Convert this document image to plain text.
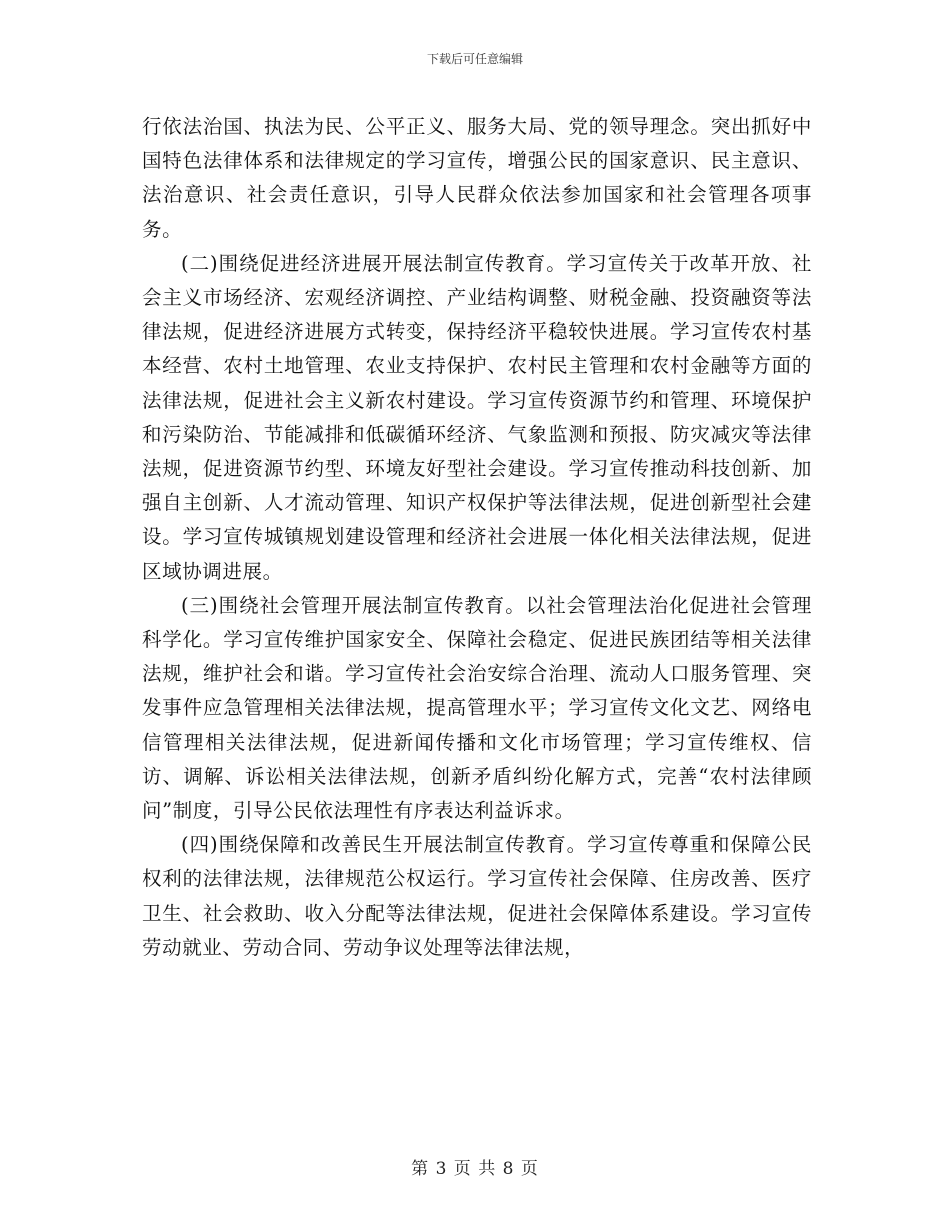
下载后可任意编辑

行依法治国、执法为民、公平正义、服务大局、党的领导理念。突出抓好中国特色法律体系和法律规定的学习宣传，增强公民的国家意识、民主意识、法治意识、社会责任意识，引导人民群众依法参加国家和社会管理各项事务。

(二)围绕促进经济进展开展法制宣传教育。学习宣传关于改革开放、社会主义市场经济、宏观经济调控、产业结构调整、财税金融、投资融资等法律法规，促进经济进展方式转变，保持经济平稳较快进展。学习宣传农村基本经营、农村土地管理、农业支持保护、农村民主管理和农村金融等方面的法律法规，促进社会主义新农村建设。学习宣传资源节约和管理、环境保护和污染防治、节能减排和低碳循环经济、气象监测和预报、防灾减灾等法律法规，促进资源节约型、环境友好型社会建设。学习宣传推动科技创新、加强自主创新、人才流动管理、知识产权保护等法律法规，促进创新型社会建设。学习宣传城镇规划建设管理和经济社会进展一体化相关法律法规，促进区域协调进展。

(三)围绕社会管理开展法制宣传教育。以社会管理法治化促进社会管理科学化。学习宣传维护国家安全、保障社会稳定、促进民族团结等相关法律法规，维护社会和谐。学习宣传社会治安综合治理、流动人口服务管理、突发事件应急管理相关法律法规，提高管理水平；学习宣传文化文艺、网络电信管理相关法律法规，促进新闻传播和文化市场管理；学习宣传维权、信访、调解、诉讼相关法律法规，创新矛盾纠纷化解方式，完善“农村法律顾问”制度，引导公民依法理性有序表达利益诉求。

(四)围绕保障和改善民生开展法制宣传教育。学习宣传尊重和保障公民权利的法律法规，法律规范公权运行。学习宣传社会保障、住房改善、医疗卫生、社会救助、收入分配等法律法规，促进社会保障体系建设。学习宣传劳动就业、劳动合同、劳动争议处理等法律法规，

第 3 页 共 8 页
